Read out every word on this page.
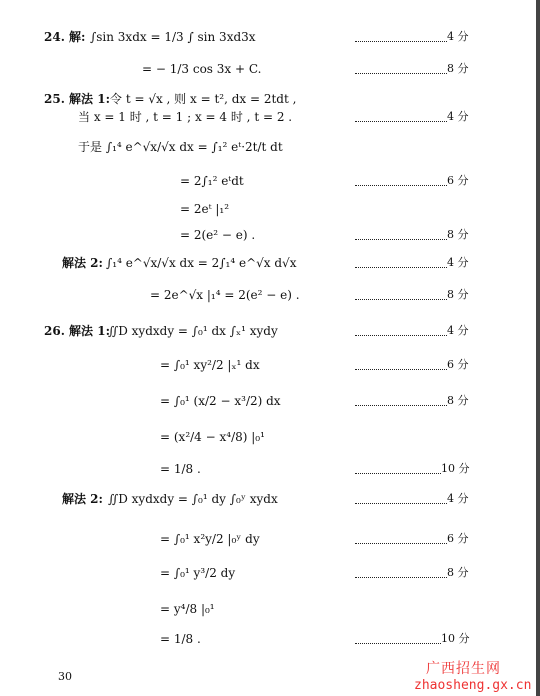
24. 解: ∫sin 3xdx = 1/3 ∫ sin 3xd3x	4 分
= − 1/3 cos 3x + C.	8 分
25. 解法 1: 令 t = √x , 则 x = t², dx = 2tdt ,
当 x = 1 时 , t = 1 ; x = 4 时 , t = 2 .	4 分
于是 ∫₁⁴ e^√x/√x dx = ∫₁² eᵗ·2t/t dt
= 2∫₁² eᵗdt	6 分
= 2eᵗ |₁²
= 2(e² − e) .	8 分
解法 2: ∫₁⁴ e^√x/√x dx = 2∫₁⁴ e^√x d√x	4 分
= 2e^√x |₁⁴ = 2(e² − e) .	8 分
26. 解法 1:
∬D xydxdy = ∫₀¹ dx ∫ₓ¹ xydy	4 分
= ∫₀¹ xy²/2 |ₓ¹ dx	6 分
= ∫₀¹ (x/2 − x³/2) dx	8 分
= (x²/4 − x⁴/8) |₀¹
= 1/8 .	10 分
解法 2: ∬D xydxdy = ∫₀¹ dy ∫₀ʸ xydx	4 分
= ∫₀¹ x²y/2 |₀ʸ dy	6 分
= ∫₀¹ y³/2 dy	8 分
= y⁴/8 |₀¹
= 1/8 .	10 分
30	广西招生网
zhaosheng.gx.cn
